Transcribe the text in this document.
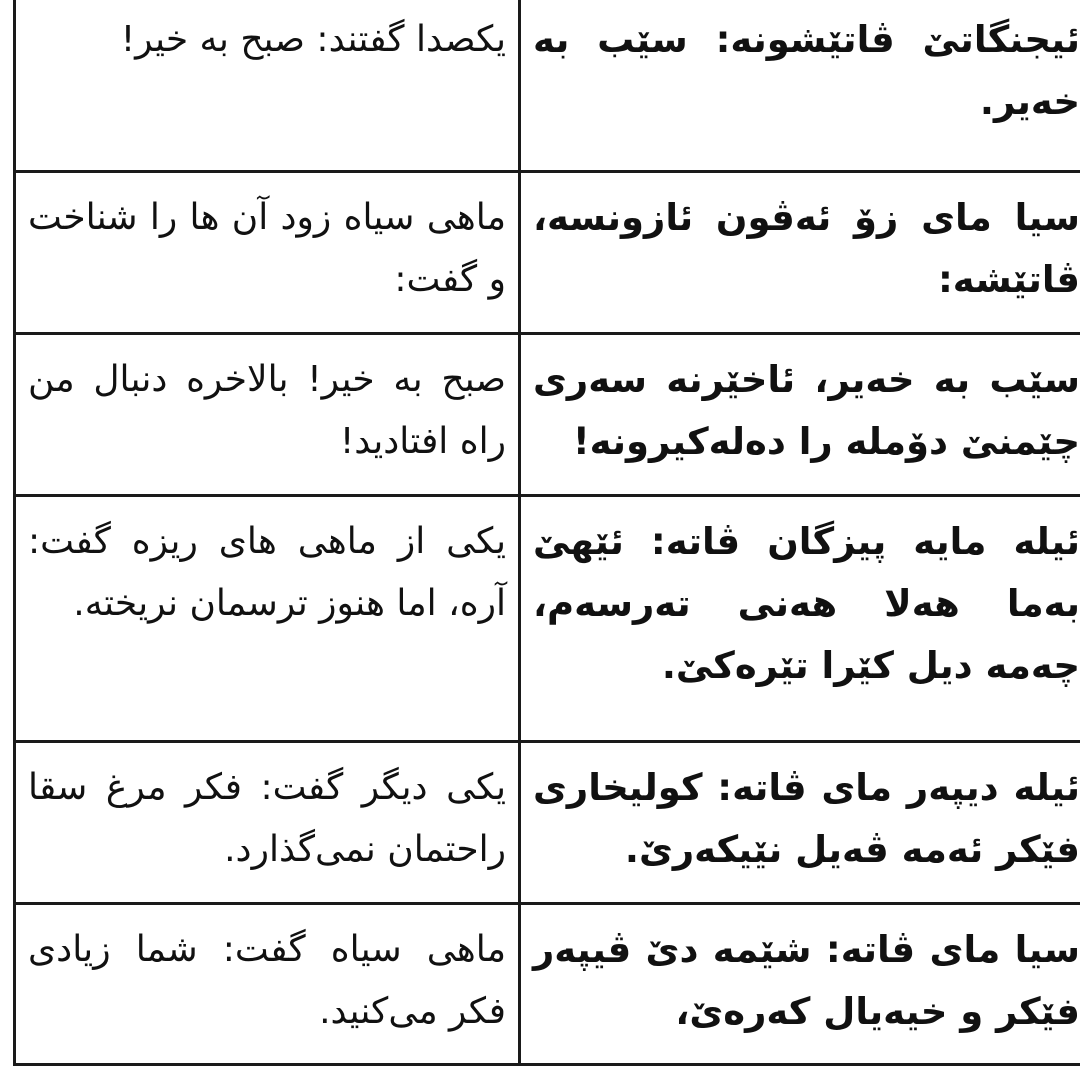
یکصدا گفتند: صبح به خیر!	ئیجنگاتێ ڤاتێشونە: سێب بە خەیر.
ماهی سیاه زود آن ها را شناخت و گفت:	سیا مای زۆ ئەڤون ئازونسە، ڤاتێشە:
صبح به خیر! بالاخره دنبال من راه افتادید!	سێب بە خەیر، ئاخێرنە سەری چێمنێ دۆملە را دەلەکیرونە!
یکی از ماهی های ریزه گفت: آره، اما هنوز ترسمان نریخته.	ئیلە مایە پیزگان ڤاتە: ئێهێ بەما هەلا هەنی تەرسەم، چەمە دیل کێرا تێرەکێ.
یکی دیگر گفت: فکر مرغ سقا راحتمان نمی‌گذارد.	ئیلە دیپەر مای ڤاتە: کولیخاری فێکر ئەمە ڤەیل نێیکەرێ.
ماهی سیاه گفت: شما زیادی فکر می‌کنید.	سیا مای ڤاتە: شێمە دێ ڤیپەر فێکر و خیەیال کەرەێ،
